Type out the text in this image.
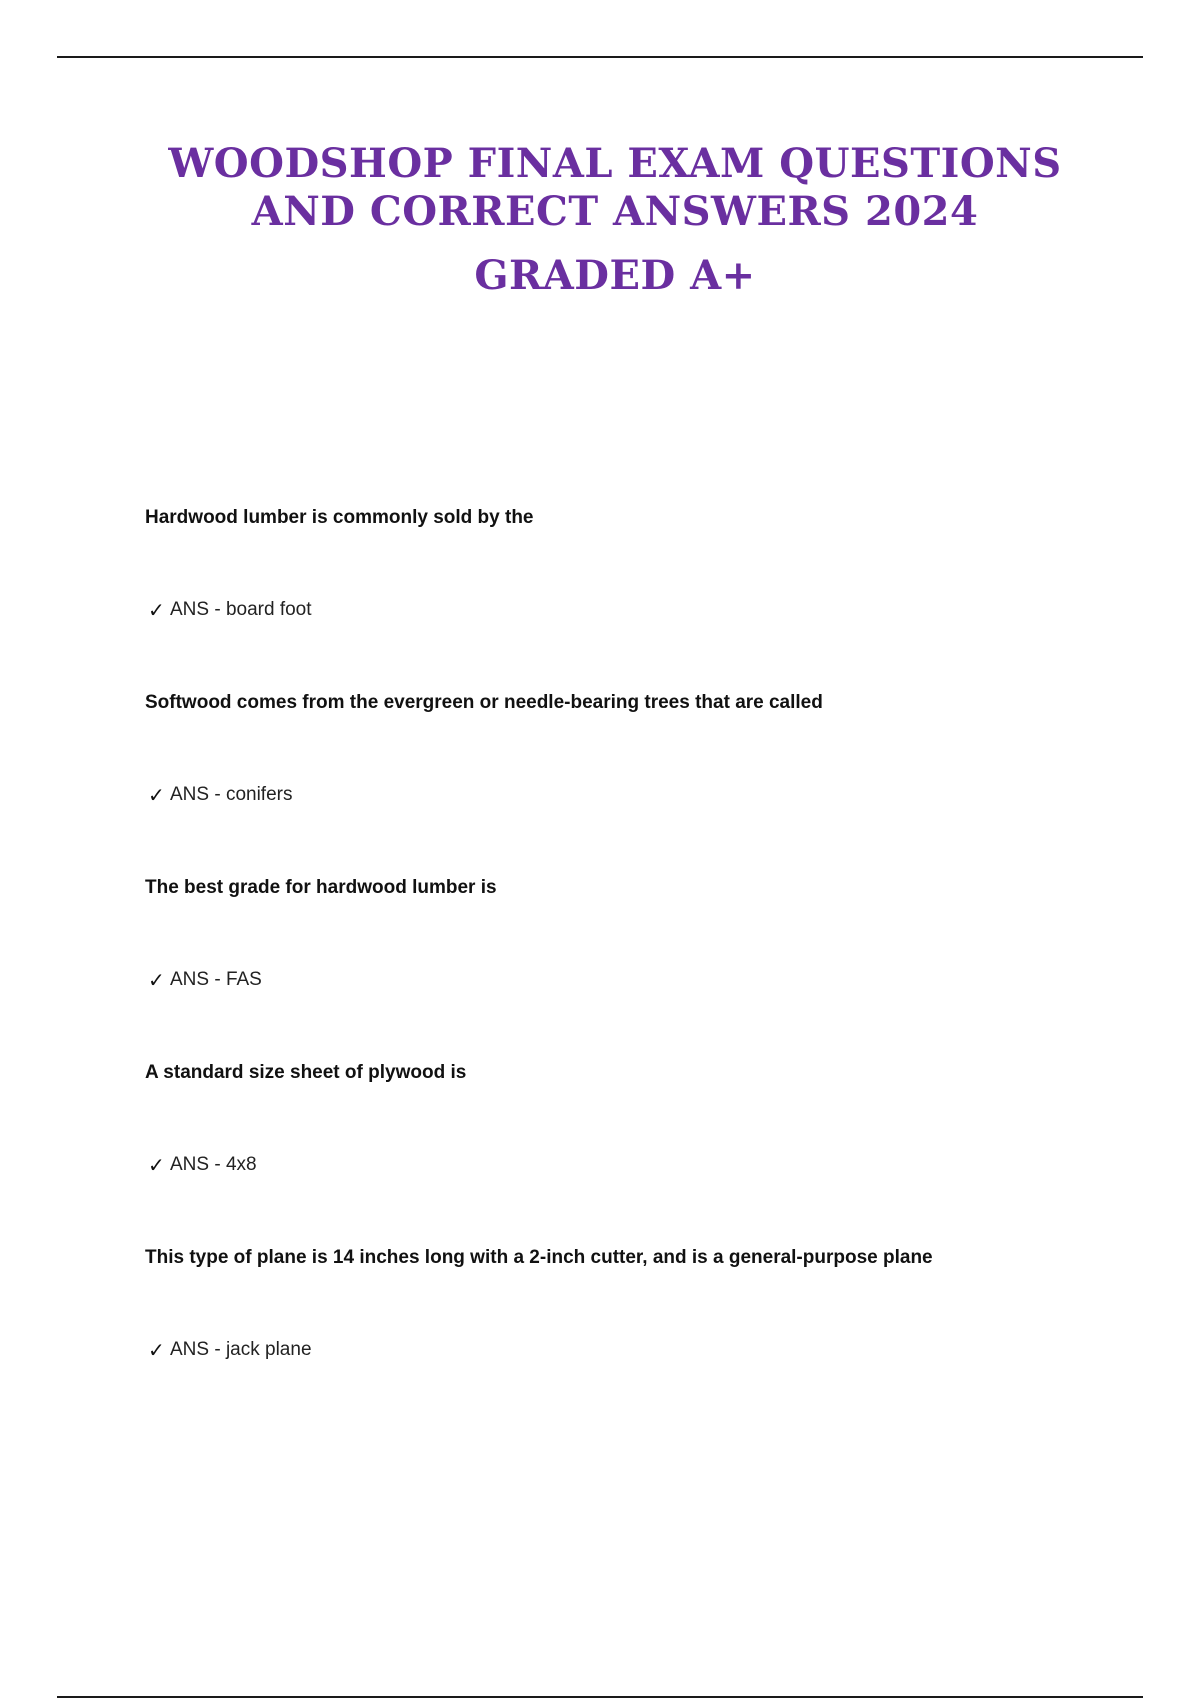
WOODSHOP FINAL EXAM QUESTIONS
AND CORRECT ANSWERS 2024
GRADED A+
Hardwood lumber is commonly sold by the
✓ ANS - board foot
Softwood comes from the evergreen or needle-bearing trees that are called
✓ ANS - conifers
The best grade for hardwood lumber is
✓ ANS - FAS
A standard size sheet of plywood is
✓ ANS - 4x8
This type of plane is 14 inches long with a 2-inch cutter, and is a general-purpose plane
✓ ANS - jack plane
